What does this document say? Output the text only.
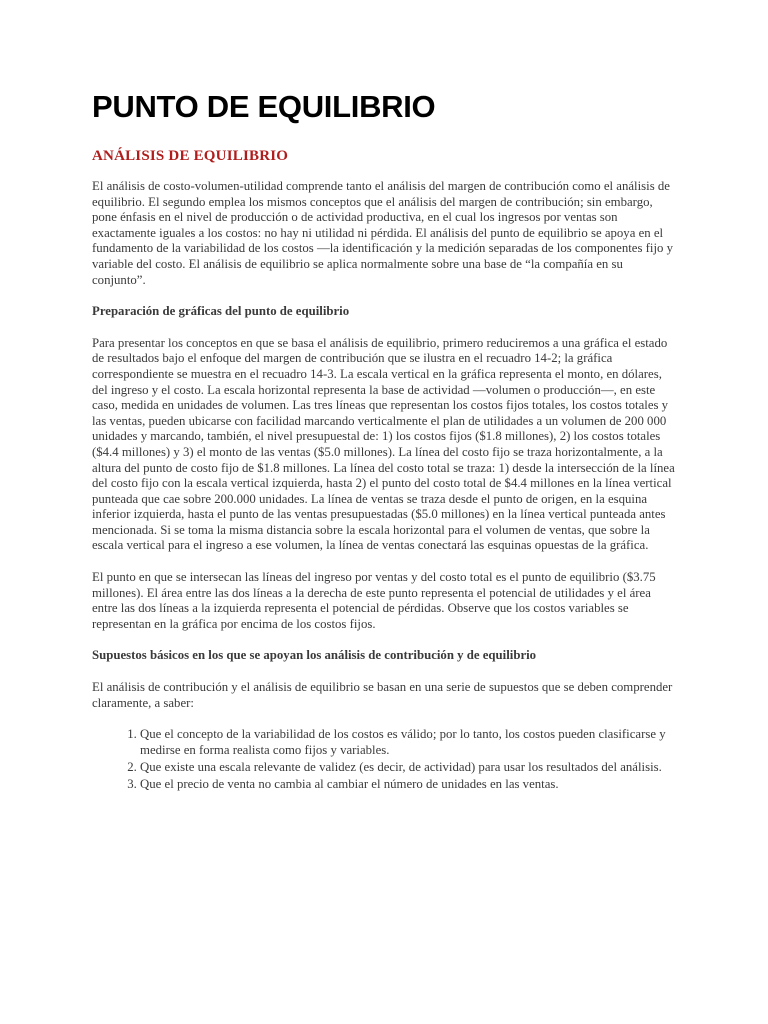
PUNTO DE EQUILIBRIO
ANÁLISIS DE EQUILIBRIO

El análisis de costo-volumen-utilidad comprende tanto el análisis del margen de contribución como el análisis de equilibrio. El segundo emplea los mismos conceptos que el análisis del margen de contribución; sin embargo, pone énfasis en el nivel de producción o de actividad productiva, en el cual los ingresos por ventas son exactamente iguales a los costos: no hay ni utilidad ni pérdida. El análisis del punto de equilibrio se apoya en el fundamento de la variabilidad de los costos —la identificación y la medición separadas de los componentes fijo y variable del costo. El análisis de equilibrio se aplica normalmente sobre una base de “la compañía en su conjunto”.

Preparación de gráficas del punto de equilibrio

Para presentar los conceptos en que se basa el análisis de equilibrio, primero reduciremos a una gráfica el estado de resultados bajo el enfoque del margen de contribución que se ilustra en el recuadro 14-2; la gráfica correspondiente se muestra en el recuadro 14-3. La escala vertical en la gráfica representa el monto, en dólares, del ingreso y el costo. La escala horizontal representa la base de actividad —volumen o producción—, en este caso, medida en unidades de volumen. Las tres líneas que representan los costos fijos totales, los costos totales y las ventas, pueden ubicarse con facilidad marcando verticalmente el plan de utilidades a un volumen de 200 000 unidades y marcando, también, el nivel presupuestal de: 1) los costos fijos ($1.8 millones), 2) los costos totales ($4.4 millones) y 3) el monto de las ventas ($5.0 millones). La línea del costo fijo se traza horizontalmente, a la altura del punto de costo fijo de $1.8 millones. La línea del costo total se traza: 1) desde la intersección de la línea del costo fijo con la escala vertical izquierda, hasta 2) el punto del costo total de $4.4 millones en la línea vertical punteada que cae sobre 200.000 unidades. La línea de ventas se traza desde el punto de origen, en la esquina inferior izquierda, hasta el punto de las ventas presupuestadas ($5.0 millones) en la línea vertical punteada antes mencionada. Si se toma la misma distancia sobre la escala horizontal para el volumen de ventas, que sobre la escala vertical para el ingreso a ese volumen, la línea de ventas conectará las esquinas opuestas de la gráfica.

El punto en que se intersecan las líneas del ingreso por ventas y del costo total es el punto de equilibrio ($3.75 millones). El área entre las dos líneas a la derecha de este punto representa el potencial de utilidades y el área entre las dos líneas a la izquierda representa el potencial de pérdidas. Observe que los costos variables se representan en la gráfica por encima de los costos fijos.

Supuestos básicos en los que se apoyan los análisis de contribución y de equilibrio

El análisis de contribución y el análisis de equilibrio se basan en una serie de supuestos que se deben comprender claramente, a saber:

1. Que el concepto de la variabilidad de los costos es válido; por lo tanto, los costos pueden clasificarse y medirse en forma realista como fijos y variables.
2. Que existe una escala relevante de validez (es decir, de actividad) para usar los resultados del análisis.
3. Que el precio de venta no cambia al cambiar el número de unidades en las ventas.
